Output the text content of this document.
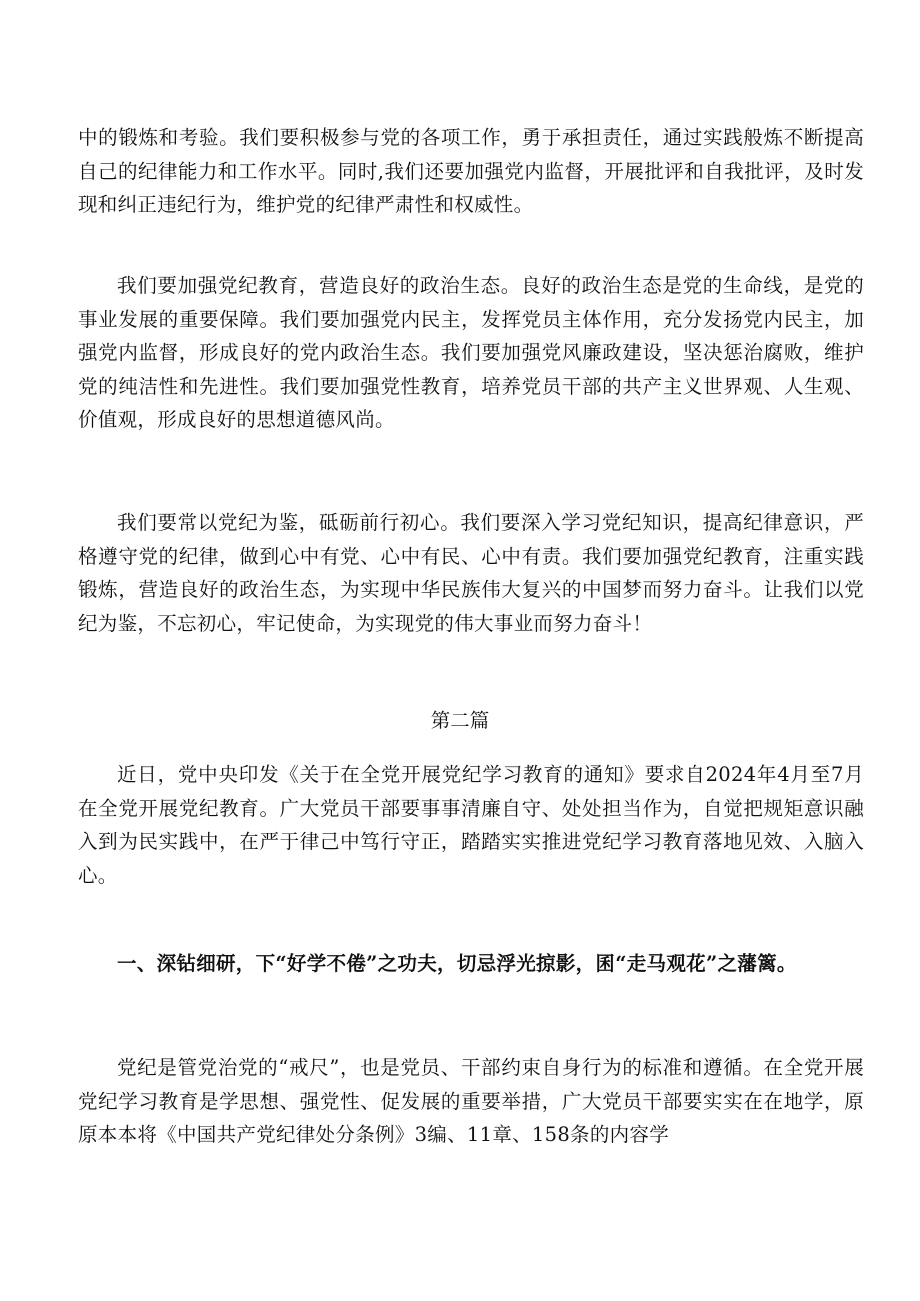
中的锻炼和考验。我们要积极参与党的各项工作，勇于承担责任，通过实践般炼不断提高自己的纪律能力和工作水平。同时,我们还要加强党内监督，开展批评和自我批评，及时发现和纠正违纪行为，维护党的纪律严肃性和权威性。

我们要加强党纪教育，营造良好的政治生态。良好的政治生态是党的生命线，是党的事业发展的重要保障。我们要加强党内民主，发挥党员主体作用，充分发扬党内民主，加强党内监督，形成良好的党内政治生态。我们要加强党风廉政建设，坚决惩治腐败，维护党的纯洁性和先进性。我们要加强党性教育，培养党员干部的共产主义世界观、人生观、价值观，形成良好的思想道德风尚。

我们要常以党纪为鉴，砥砺前行初心。我们要深入学习党纪知识，提高纪律意识，严格遵守党的纪律，做到心中有党、心中有民、心中有责。我们要加强党纪教育，注重实践锻炼，营造良好的政治生态，为实现中华民族伟大复兴的中国梦而努力奋斗。让我们以党纪为鉴，不忘初心，牢记使命，为实现党的伟大事业而努力奋斗！

第二篇

近日，党中央印发《关于在全党开展党纪学习教育的通知》要求自2024年4月至7月在全党开展党纪教育。广大党员干部要事事清廉自守、处处担当作为，自觉把规矩意识融入到为民实践中，在严于律己中笃行守正，踏踏实实推进党纪学习教育落地见效、入脑入心。

一、深钻细研，下“好学不倦”之功夫，切忌浮光掠影，囷“走马观花”之藩篱。

党纪是管党治党的“戒尺”，也是党员、干部约束自身行为的标准和遵循。在全党开展党纪学习教育是学思想、强党性、促发展的重要举措，广大党员干部要实实在在地学，原原本本将《中国共产党纪律处分条例》3编、11章、158条的内容学
